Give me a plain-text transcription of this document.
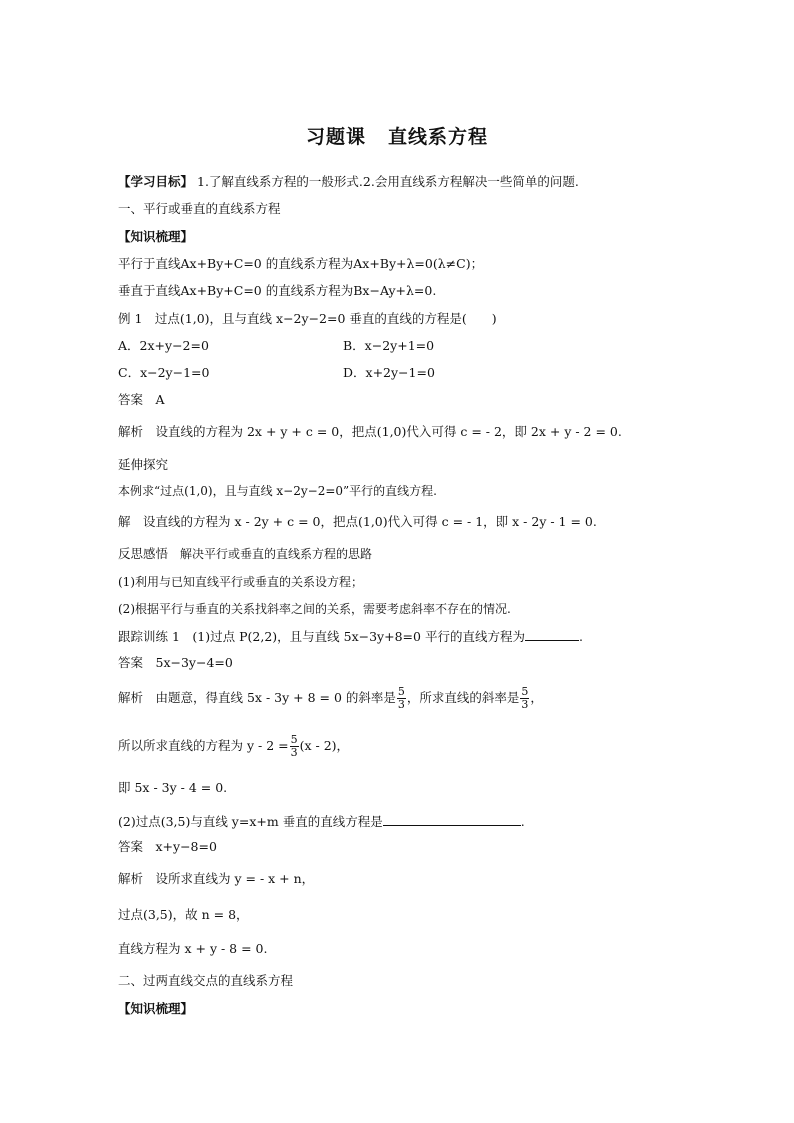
习题课 直线系方程
【学习目标】 1.了解直线系方程的一般形式.2.会用直线系方程解决一些简单的问题.
一、平行或垂直的直线系方程
【知识梳理】
平行于直线Ax+By+C=0 的直线系方程为Ax+By+λ=0(λ≠C)；
垂直于直线Ax+By+C=0 的直线系方程为Bx−Ay+λ=0.
例 1　过点(1,0)，且与直线 x−2y−2=0 垂直的直线的方程是(　　)
A．2x+y−2=0	B．x−2y+1=0
C．x−2y−1=0	D．x+2y−1=0
答案　A
解析　设直线的方程为 2x + y + c = 0，把点(1,0)代入可得 c = - 2，即 2x + y - 2 = 0.
延伸探究
本例求“过点(1,0)，且与直线 x−2y−2=0”平行的直线方程.
解　设直线的方程为 x - 2y + c = 0，把点(1,0)代入可得 c = - 1，即 x - 2y - 1 = 0.
反思感悟　解决平行或垂直的直线系方程的思路
(1)利用与已知直线平行或垂直的关系设方程；
(2)根据平行与垂直的关系找斜率之间的关系，需要考虑斜率不存在的情况.
跟踪训练 1　(1)过点 P(2,2)，且与直线 5x−3y+8=0 平行的直线方程为	.
答案　5x−3y−4=0
解析　由题意，得直线 5x - 3y + 8 = 0 的斜率是 $\frac{5}{3}$ ，所求直线的斜率是 $\frac{5}{3}$ ，
所以所求直线的方程为 $y - 2 = \frac{5}{3} (x - 2)$，
即 5x - 3y - 4 = 0.
(2)过点(3,5)与直线 y=x+m 垂直的直线方程是	.
答案　x+y−8=0
解析　设所求直线为 y = - x + n，
过点(3,5)，故 n = 8，
直线方程为 x + y - 8 = 0.
二、过两直线交点的直线系方程
【知识梳理】
